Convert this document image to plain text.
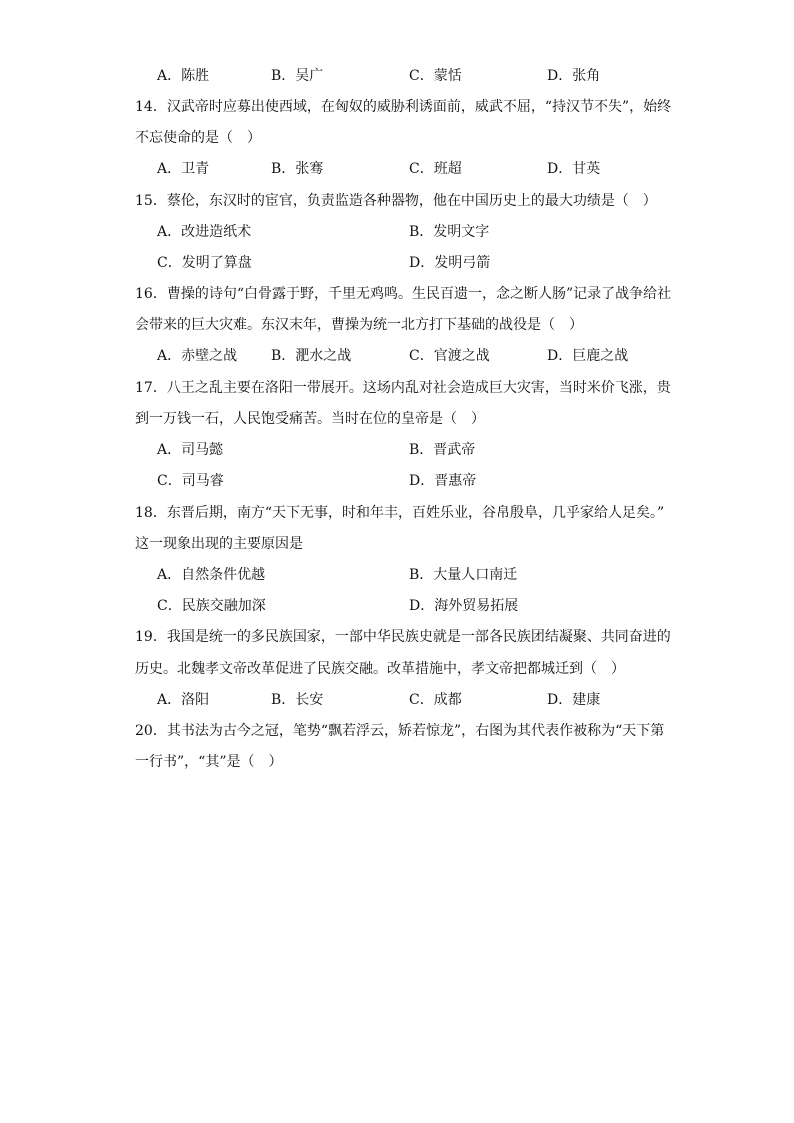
A．陈胜	B．吴广	C．蒙恬	D．张角
14．汉武帝时应募出使西域，在匈奴的威胁利诱面前，威武不屈，“持汉节不失”，始终
不忘使命的是（　）
A．卫青	B．张骞	C．班超	D．甘英
15．蔡伦，东汉时的宦官，负责监造各种器物，他在中国历史上的最大功绩是（　）
A．改进造纸术	B．发明文字
C．发明了算盘	D．发明弓箭
16．曹操的诗句“白骨露于野，千里无鸡鸣。生民百遗一，念之断人肠”记录了战争给社
会带来的巨大灾难。东汉末年，曹操为统一北方打下基础的战役是（　）
A．赤壁之战 B．淝水之战	C．官渡之战	D．巨鹿之战
17．八王之乱主要在洛阳一带展开。这场内乱对社会造成巨大灾害，当时米价飞涨，贵
到一万钱一石，人民饱受痛苦。当时在位的皇帝是（　）
A．司马懿	B．晋武帝
C．司马睿	D．晋惠帝
18．东晋后期，南方“天下无事，时和年丰，百姓乐业，谷帛殷阜，几乎家给人足矣。”
这一现象出现的主要原因是
A．自然条件优越	B．大量人口南迁
C．民族交融加深	D．海外贸易拓展
19．我国是统一的多民族国家，一部中华民族史就是一部各民族团结凝聚、共同奋进的
历史。北魏孝文帝改革促进了民族交融。改革措施中，孝文帝把都城迁到（　）
A．洛阳	B．长安	C．成都	D．建康
20．其书法为古今之冠，笔势“飘若浮云，矫若惊龙”，右图为其代表作被称为“天下第
一行书”，“其”是（　）
